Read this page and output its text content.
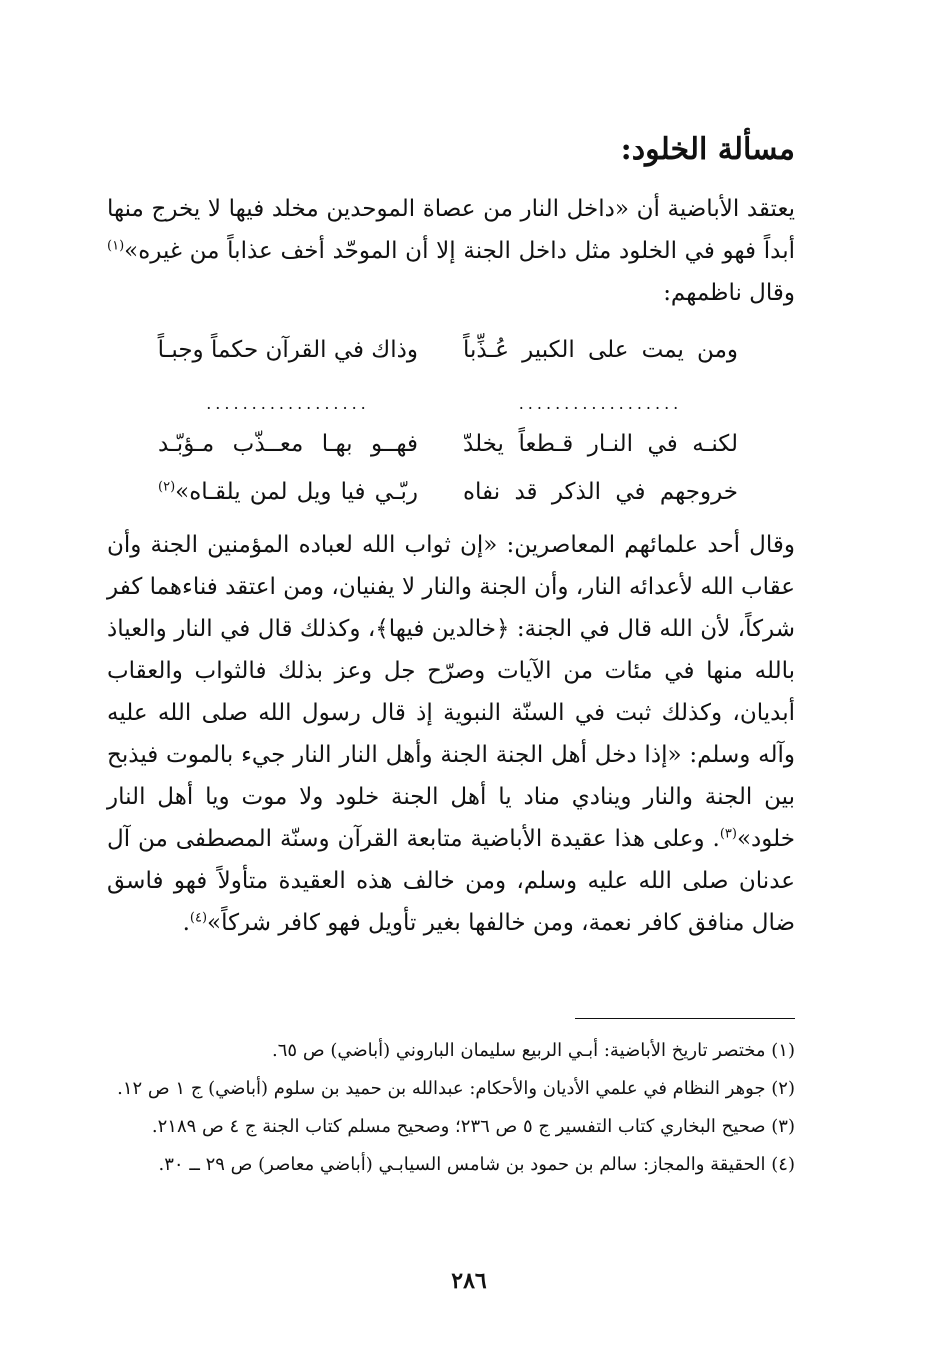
مسألة الخلود:

يعتقد الأباضية أن «داخل النار من عصاة الموحدين مخلد فيها لا يخرج منها أبداً فهو في الخلود مثل داخل الجنة إلا أن الموحّد أخف عذاباً من غيره»$^{(١)}$ وقال ناظمهم:

ومن يمت على الكبير عُـذِّباً
وذاك في القرآن حكماً وجبـاً
..................
..................
لكنـه في النـار قـطعاً يخلدّ
فهــو بهـا معــذّب مـؤبّـد
خروجهم في الذكر قد نفاه
ربّـي فيا ويل لمن يلقـاه»$^{(٢)}$

وقال أحد علمائهم المعاصرين: «إن ثواب الله لعباده المؤمنين الجنة وأن عقاب الله لأعدائه النار، وأن الجنة والنار لا يفنيان، ومن اعتقد فناءهما كفر شركاً، لأن الله قال في الجنة: ﴿خالدين فيها﴾، وكذلك قال في النار والعياذ بالله منها في مئات من الآيات وصرّح جل وعز بذلك فالثواب والعقاب أبديان، وكذلك ثبت في السنّة النبوية إذ قال رسول الله صلى الله عليه وآله وسلم: «إذا دخل أهل الجنة الجنة وأهل النار النار جيء بالموت فيذبح بين الجنة والنار وينادي مناد يا أهل الجنة خلود ولا موت ويا أهل النار خلود»$^{(٣)}$. وعلى هذا عقيدة الأباضية متابعة القرآن وسنّة المصطفى من آل عدنان صلى الله عليه وسلم، ومن خالف هذه العقيدة متأولاً فهو فاسق ضال منافق كافر نعمة، ومن خالفها بغير تأويل فهو كافر شركاً»$^{(٤)}$.

(١) مختصر تاريخ الأباضية: أبـي الربيع سليمان الباروني (أباضي) ص ٦٥.
(٢) جوهر النظام في علمي الأديان والأحكام: عبدالله بن حميد بن سلوم (أباضي) ج ١ ص ١٢.
(٣) صحيح البخاري كتاب التفسير ج ٥ ص ٢٣٦؛ وصحيح مسلم كتاب الجنة ج ٤ ص ٢١٨٩.
(٤) الحقيقة والمجاز: سالم بن حمود بن شامس السيابـي (أباضي معاصر) ص ٢٩ ــ ٣٠.
٢٨٦
